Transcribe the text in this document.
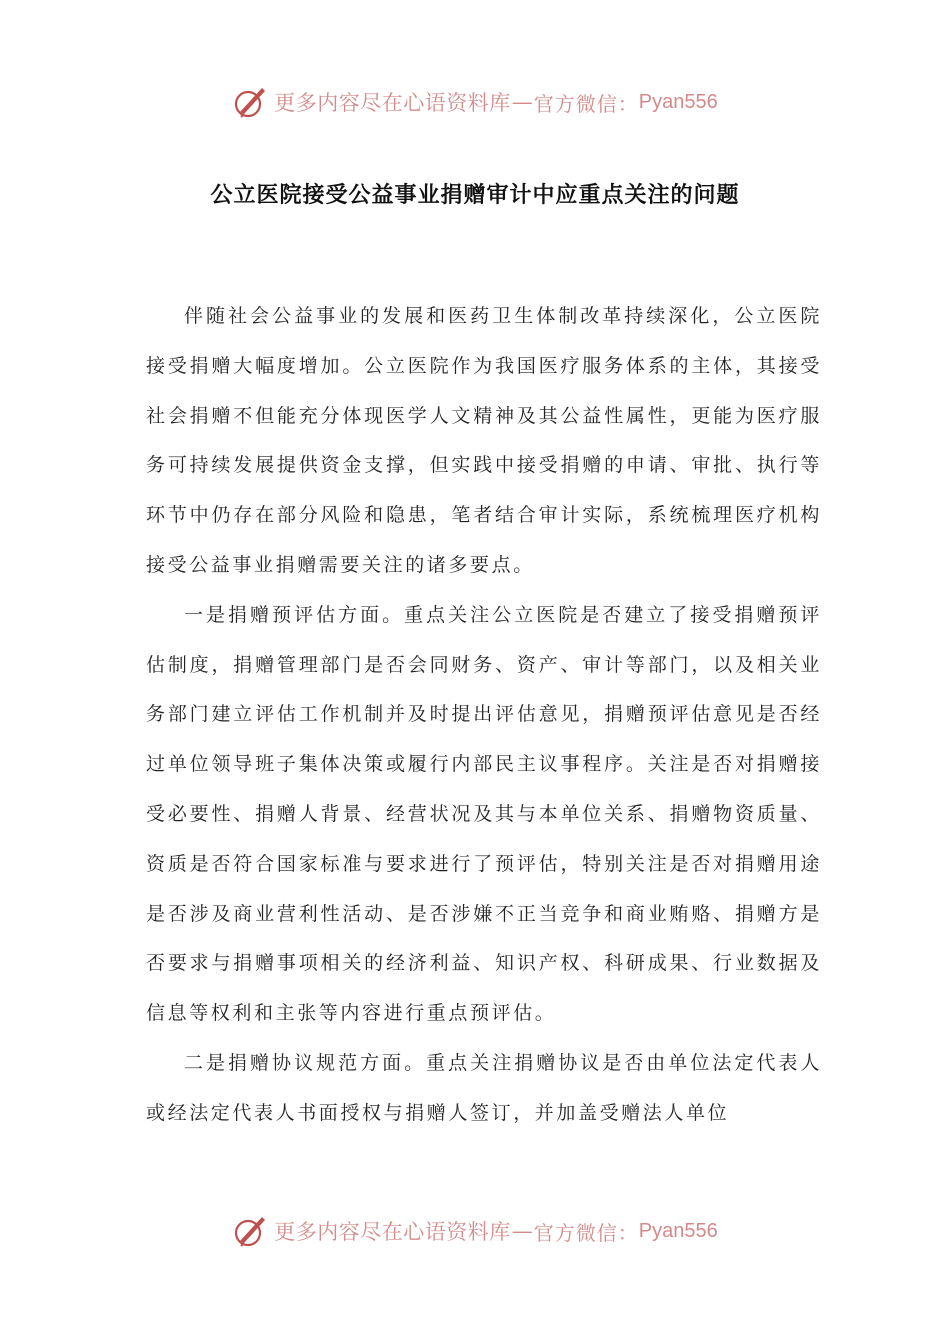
更多内容尽在心语资料库 — 官方微信： Pyan556
公立医院接受公益事业捐赠审计中应重点关注的问题

伴随社会公益事业的发展和医药卫生体制改革持续深化，公立医院接受捐赠大幅度增加。公立医院作为我国医疗服务体系的主体，其接受社会捐赠不但能充分体现医学人文精神及其公益性属性，更能为医疗服务可持续发展提供资金支撑，但实践中接受捐赠的申请、审批、执行等环节中仍存在部分风险和隐患，笔者结合审计实际，系统梳理医疗机构接受公益事业捐赠需要关注的诸多要点。

一是捐赠预评估方面。重点关注公立医院是否建立了接受捐赠预评估制度，捐赠管理部门是否会同财务、资产、审计等部门，以及相关业务部门建立评估工作机制并及时提出评估意见，捐赠预评估意见是否经过单位领导班子集体决策或履行内部民主议事程序。关注是否对捐赠接受必要性、捐赠人背景、经营状况及其与本单位关系、捐赠物资质量、资质是否符合国家标准与要求进行了预评估，特别关注是否对捐赠用途是否涉及商业营利性活动、是否涉嫌不正当竞争和商业贿赂、捐赠方是否要求与捐赠事项相关的经济利益、知识产权、科研成果、行业数据及信息等权利和主张等内容进行重点预评估。

二是捐赠协议规范方面。重点关注捐赠协议是否由单位法定代表人或经法定代表人书面授权与捐赠人签订，并加盖受赠法人单位

更多内容尽在心语资料库 — 官方微信： Pyan556
